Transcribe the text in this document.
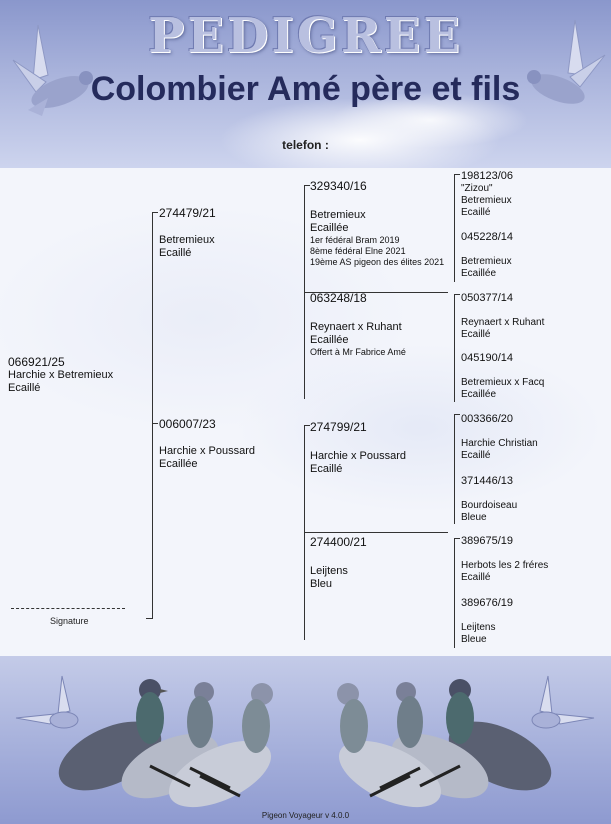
PEDIGREE
Colombier Amé père et fils
telefon :
066921/25
Harchie x Betremieux
Ecaillé
274479/21
Betremieux
Ecaillé
006007/23
Harchie x Poussard
Ecaillée
329340/16
Betremieux
Ecaillée
1er fédéral Bram 2019
8ème fédéral Elne 2021
19ème AS pigeon des élites 2021
063248/18
Reynaert x Ruhant
Ecaillée
Offert à Mr Fabrice Amé
274799/21
Harchie x Poussard
Ecaillé
274400/21
Leijtens
Bleu
198123/06
"Zizou"
Betremieux
Ecaillé
045228/14
Betremieux
Ecaillée
050377/14
Reynaert x Ruhant
Ecaillé
045190/14
Betremieux x Facq
Ecaillée
003366/20
Harchie Christian
Ecaillé
371446/13
Bourdoiseau
Bleue
389675/19
Herbots les 2 fréres
Ecaillé
389676/19
Leijtens
Bleue
Signature
Pigeon Voyageur v 4.0.0
